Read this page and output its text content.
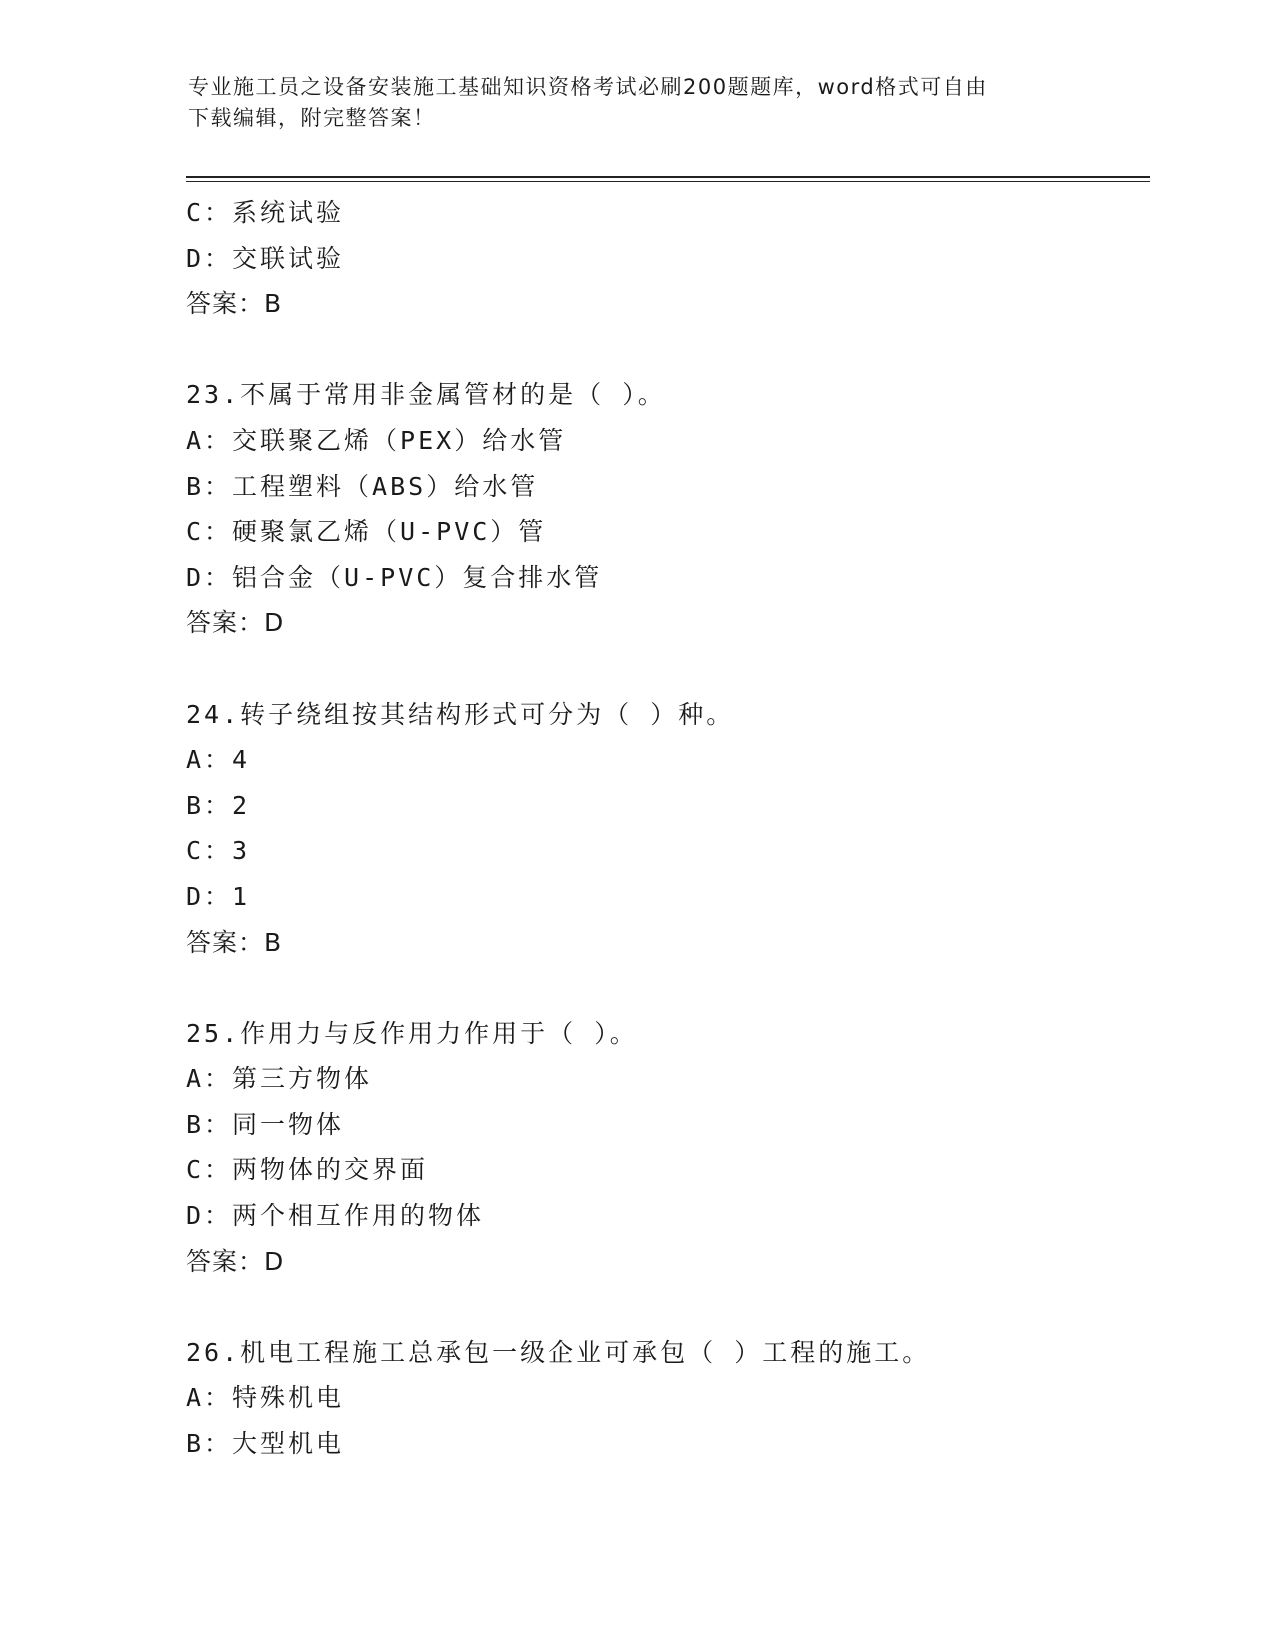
专业施工员之设备安装施工基础知识资格考试必刷200题题库，word格式可自由
下载编辑，附完整答案！
C：系统试验
D：交联试验
答案：B
23.不属于常用非金属管材的是（ ）。
A：交联聚乙烯（PEX）给水管
B：工程塑料（ABS）给水管
C：硬聚氯乙烯（U-PVC）管
D：铝合金（U-PVC）复合排水管
答案：D
24.转子绕组按其结构形式可分为（ ）种。
A：4
B：2
C：3
D：1
答案：B
25.作用力与反作用力作用于（ ）。
A：第三方物体
B：同一物体
C：两物体的交界面
D：两个相互作用的物体
答案：D
26.机电工程施工总承包一级企业可承包（ ）工程的施工。
A：特殊机电
B：大型机电
